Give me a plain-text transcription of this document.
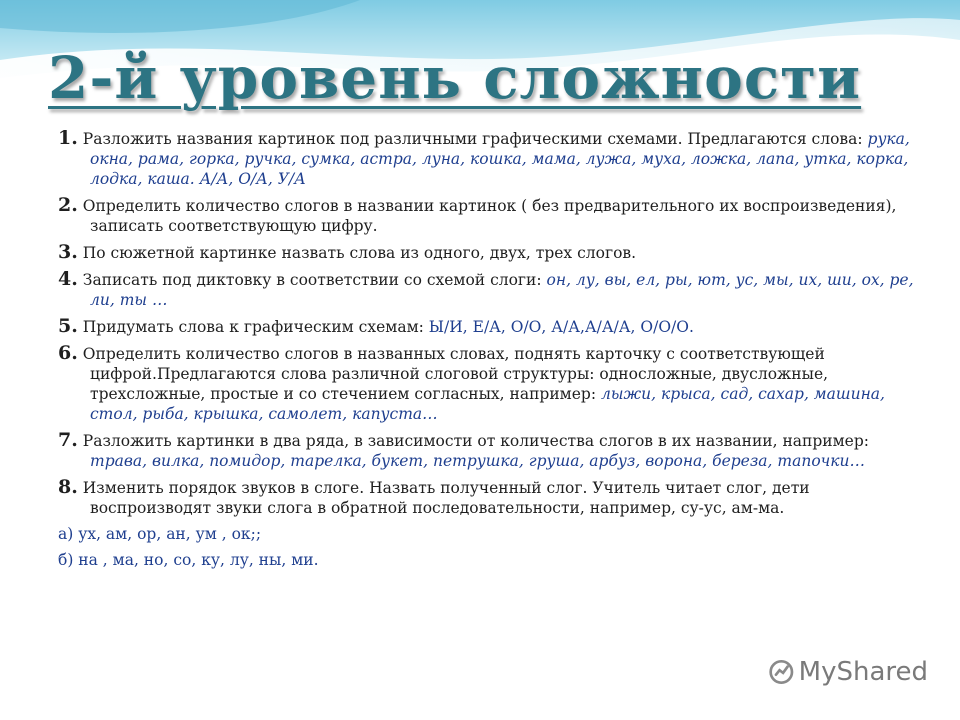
2-й уровень сложности

1. Разложить названия картинок под различными графическими схемами. Предлагаются слова: рука, окна, рама, горка, ручка, сумка, астра, луна, кошка, мама, лужа, муха, ложка, лапа, утка, корка, лодка, каша. А/А, О/А, У/А

2. Определить количество слогов в названии картинок ( без предварительного их воспроизведения), записать соответствующую цифру.

3. По сюжетной картинке назвать слова из одного, двух, трех слогов.

4. Записать под диктовку в соответствии со схемой слоги: он, лу, вы, ел, ры, ют, ус, мы, их, ши, ох, ре, ли, ты …

5. Придумать слова к графическим схемам: Ы/И, Е/А, О/О, А/А,А/А/А, О/О/О.

6. Определить количество слогов в названных словах, поднять карточку с соответствующей цифрой.Предлагаются слова различной слоговой структуры: односложные, двусложные, трехсложные, простые и со стечением согласных, например: лыжи, крыса, сад, сахар, машина, стол, рыба, крышка, самолет, капуста…

7. Разложить картинки в два ряда, в зависимости от количества слогов в их названии, например: трава, вилка, помидор, тарелка, букет, петрушка, груша, арбуз, ворона, береза, тапочки…

8. Изменить порядок звуков в слоге. Назвать полученный слог. Учитель читает слог, дети воспроизводят звуки слога в обратной последовательности, например, су-ус, ам-ма.

а) ух, ам, ор, ан, ум , ок;;

б) на , ма, но, со, ку, лу, ны, ми.

MyShared
